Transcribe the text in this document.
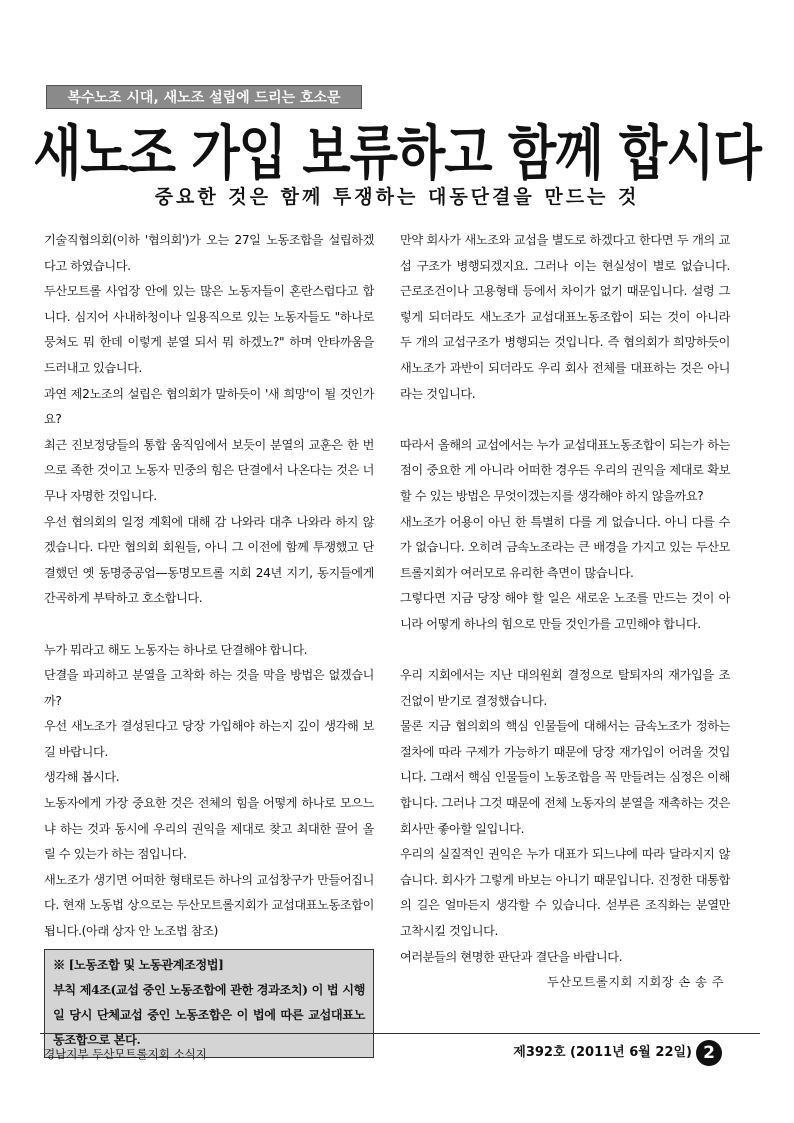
복수노조 시대, 새노조 설립에 드리는 호소문
새노조 가입 보류하고 함께 합시다
중요한 것은 함께 투쟁하는 대동단결을 만드는 것

기술직협의회(이하 '협의회')가 오는 27일 노동조합을 설립하겠다고 하였습니다.

두산모트롤 사업장 안에 있는 많은 노동자들이 혼란스럽다고 합니다. 심지어 사내하청이나 일용직으로 있는 노동자들도 "하나로 뭉쳐도 뭐 한데 이렇게 분열 되서 뭐 하겠노?" 하며 안타까움을 드러내고 있습니다.

과연 제2노조의 설립은 협의회가 말하듯이 '새 희망'이 될 것인가요?

최근 진보정당들의 통합 움직임에서 보듯이 분열의 교훈은 한 번으로 족한 것이고 노동자 민중의 힘은 단결에서 나온다는 것은 너무나 자명한 것입니다.

우선 협의회의 일정 계획에 대해 감 나와라 대추 나와라 하지 않겠습니다. 다만 협의회 회원들, 아니 그 이전에 함께 투쟁했고 단결했던 옛 동명중공업—동명모트롤 지회 24년 지기, 동지들에게 간곡하게 부탁하고 호소합니다.

누가 뭐라고 해도 노동자는 하나로 단결해야 합니다.

단결을 파괴하고 분열을 고착화 하는 것을 막을 방법은 없겠습니까?

우선 새노조가 결성된다고 당장 가입해야 하는지 깊이 생각해 보길 바랍니다.

생각해 봅시다.

노동자에게 가장 중요한 것은 전체의 힘을 어떻게 하나로 모으느냐 하는 것과 동시에 우리의 권익을 제대로 찾고 최대한 끌어 올릴 수 있는가 하는 점입니다.

새노조가 생기면 어떠한 형태로든 하나의 교섭창구가 만들어집니다. 현재 노동법 상으로는 두산모트롤지회가 교섭대표노동조합이 됩니다.(아래 상자 안 노조법 참조)

※ [노동조합 및 노동관계조정법]
부칙 제4조(교섭 중인 노동조합에 관한 경과조치) 이 법 시행일 당시 단체교섭 중인 노동조합은 이 법에 따른 교섭대표노동조합으로 본다.

만약 회사가 새노조와 교섭을 별도로 하겠다고 한다면 두 개의 교섭 구조가 병행되겠지요. 그러나 이는 현실성이 별로 없습니다. 근로조건이나 고용형태 등에서 차이가 없기 때문입니다. 설령 그렇게 되더라도 새노조가 교섭대표노동조합이 되는 것이 아니라 두 개의 교섭구조가 병행되는 것입니다. 즉 협의회가 희망하듯이 새노조가 과반이 되더라도 우리 회사 전체를 대표하는 것은 아니라는 것입니다.

따라서 올해의 교섭에서는 누가 교섭대표노동조합이 되는가 하는 점이 중요한 게 아니라 어떠한 경우든 우리의 권익을 제대로 확보할 수 있는 방법은 무엇이겠는지를 생각해야 하지 않을까요?

새노조가 어용이 아닌 한 특별히 다를 게 없습니다. 아니 다를 수가 없습니다. 오히려 금속노조라는 큰 배경을 가지고 있는 두산모트롤지회가 여러모로 유리한 측면이 많습니다.

그렇다면 지금 당장 해야 할 일은 새로운 노조를 만드는 것이 아니라 어떻게 하나의 힘으로 만들 것인가를 고민해야 합니다.

우리 지회에서는 지난 대의원회 결정으로 탈퇴자의 재가입을 조건없이 받기로 결정했습니다.

물론 지금 협의회의 핵심 인물들에 대해서는 금속노조가 정하는 절차에 따라 구제가 가능하기 때문에 당장 재가입이 어려울 것입니다. 그래서 핵심 인물들이 노동조합을 꼭 만들려는 심정은 이해합니다. 그러나 그것 때문에 전체 노동자의 분열을 재촉하는 것은 회사만 좋아할 일입니다.

우리의 실질적인 권익은 누가 대표가 되느냐에 따라 달라지지 않습니다. 회사가 그렇게 바보는 아니기 때문입니다. 진정한 대통합의 길은 얼마든지 생각할 수 있습니다. 섣부른 조직화는 분열만 고착시킬 것입니다.

여러분들의 현명한 판단과 결단을 바랍니다.

두산모트롤지회 지회장 손 송 주

경남지부 두산모트롤지회 소식지	제392호 (2011년 6월 22일) 2
